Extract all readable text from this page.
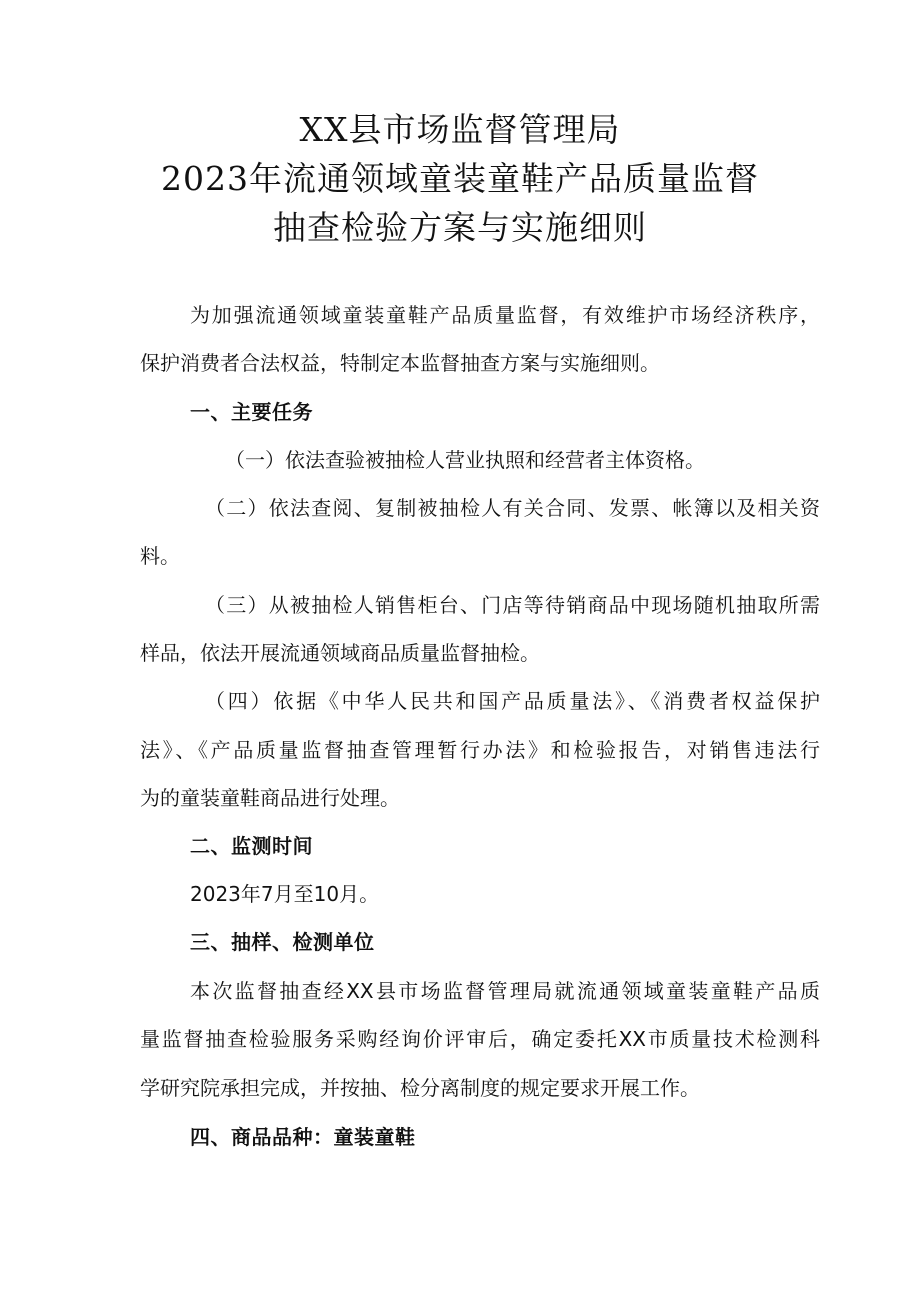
XX县市场监督管理局
2023年流通领域童装童鞋产品质量监督
抽查检验方案与实施细则
为加强流通领域童装童鞋产品质量监督，有效维护市场经济秩序，
保护消费者合法权益，特制定本监督抽查方案与实施细则。
一、主要任务
（一）依法查验被抽检人营业执照和经营者主体资格。
（二）依法查阅、复制被抽检人有关合同、发票、帐簿以及相关资
料。
（三）从被抽检人销售柜台、门店等待销商品中现场随机抽取所需
样品，依法开展流通领域商品质量监督抽检。
（四）依据《中华人民共和国产品质量法》、《消费者权益保护
法》、《产品质量监督抽查管理暂行办法》和检验报告，对销售违法行
为的童装童鞋商品进行处理。
二、监测时间
2023年7月至10月。
三、抽样、检测单位
本次监督抽查经XX县市场监督管理局就流通领域童装童鞋产品质
量监督抽查检验服务采购经询价评审后，确定委托XX市质量技术检测科
学研究院承担完成，并按抽、检分离制度的规定要求开展工作。
四、商品品种：童装童鞋
